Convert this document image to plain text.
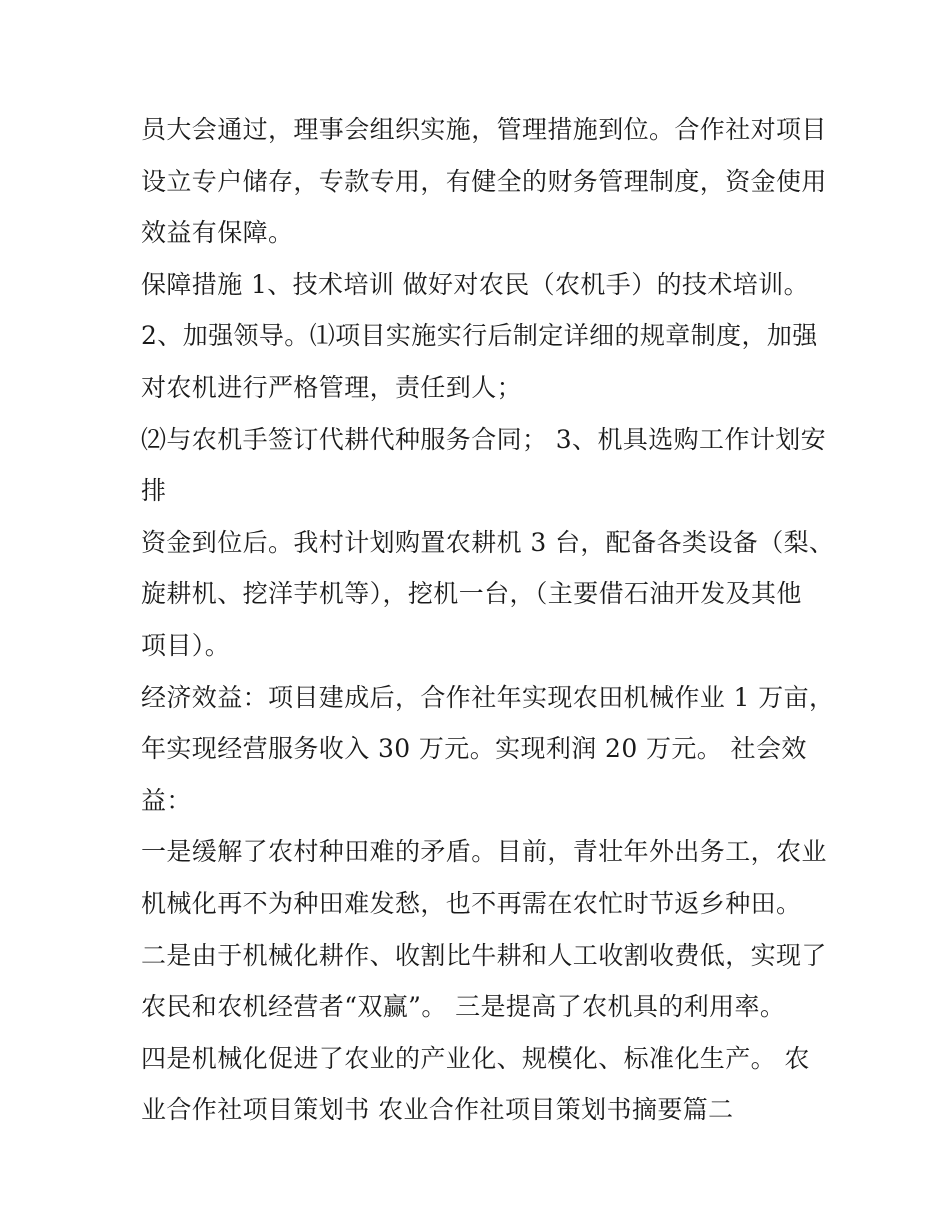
员大会通过，理事会组织实施，管理措施到位。合作社对项目
设立专户储存，专款专用，有健全的财务管理制度，资金使用
效益有保障。
保障措施 1、技术培训 做好对农民（农机手）的技术培训。
2、加强领导。⑴项目实施实行后制定详细的规章制度，加强
对农机进行严格管理，责任到人；
⑵与农机手签订代耕代种服务合同； 3、机具选购工作计划安
排
资金到位后。我村计划购置农耕机 3 台，配备各类设备（梨、
旋耕机、挖洋芋机等），挖机一台，（主要借石油开发及其他
项目）。
经济效益：项目建成后，合作社年实现农田机械作业 1 万亩，
年实现经营服务收入 30 万元。实现利润 20 万元。 社会效
益：
一是缓解了农村种田难的矛盾。目前，青壮年外出务工，农业
机械化再不为种田难发愁，也不再需在农忙时节返乡种田。
二是由于机械化耕作、收割比牛耕和人工收割收费低，实现了
农民和农机经营者“双赢”。 三是提高了农机具的利用率。
四是机械化促进了农业的产业化、规模化、标准化生产。 农
业合作社项目策划书 农业合作社项目策划书摘要篇二
